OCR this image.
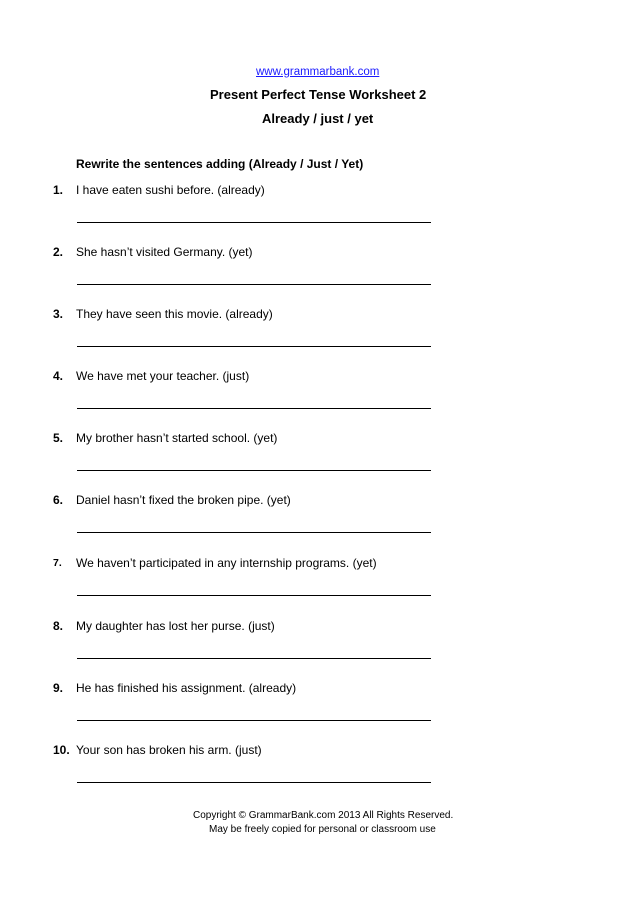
www.grammarbank.com
Present Perfect Tense Worksheet 2
Already / just / yet
Rewrite the sentences adding (Already / Just / Yet)
1. I have eaten sushi before. (already)
2. She hasn’t visited Germany. (yet)
3. They have seen this movie. (already)
4. We have met your teacher. (just)
5. My brother hasn’t started school. (yet)
6. Daniel hasn’t fixed the broken pipe. (yet)
7. We haven’t participated in any internship programs. (yet)
8. My daughter has lost her purse. (just)
9. He has finished his assignment. (already)
10. Your son has broken his arm. (just)
Copyright © GrammarBank.com 2013 All Rights Reserved.
May be freely copied for personal or classroom use
